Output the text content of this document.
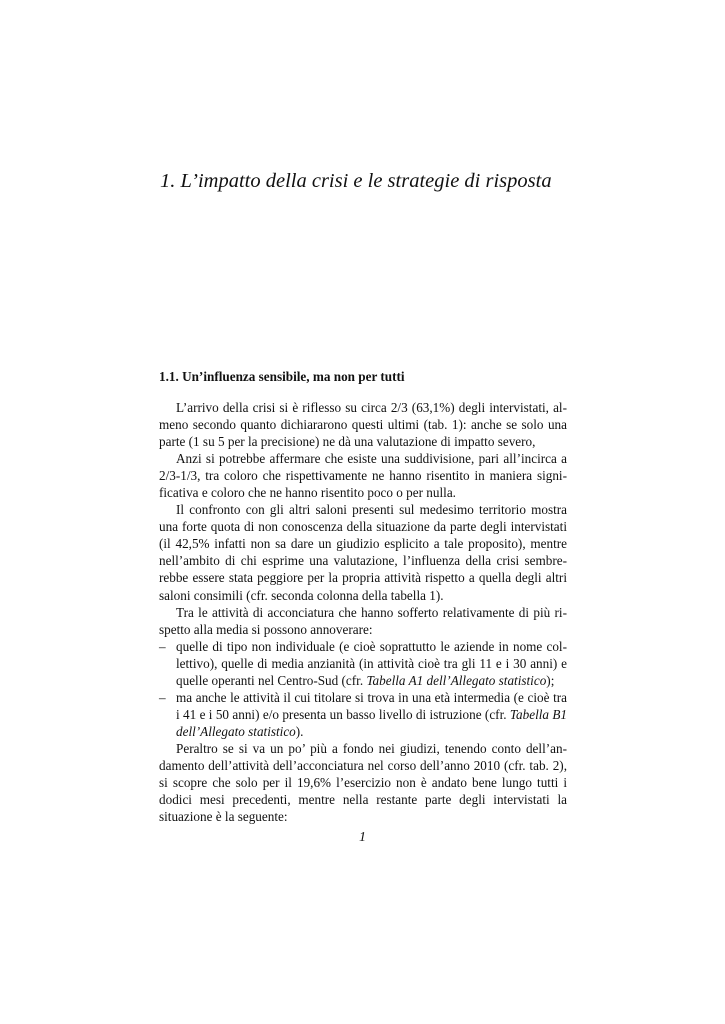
1. L’impatto della crisi e le strategie di risposta
1.1. Un’influenza sensibile, ma non per tutti

L’arrivo della crisi si è riflesso su circa 2/3 (63,1%) degli intervistati, almeno secondo quanto dichiararono questi ultimi (tab. 1): anche se solo una parte (1 su 5 per la precisione) ne dà una valutazione di impatto severo,

Anzi si potrebbe affermare che esiste una suddivisione, pari all’incirca a 2/3-1/3, tra coloro che rispettivamente ne hanno risentito in maniera significativa e coloro che ne hanno risentito poco o per nulla.

Il confronto con gli altri saloni presenti sul medesimo territorio mostra una forte quota di non conoscenza della situazione da parte degli intervistati (il 42,5% infatti non sa dare un giudizio esplicito a tale proposito), mentre nell’ambito di chi esprime una valutazione, l’influenza della crisi sembrerebbe essere stata peggiore per la propria attività rispetto a quella degli altri saloni consimili (cfr. seconda colonna della tabella 1).

Tra le attività di acconciatura che hanno sofferto relativamente di più rispetto alla media si possono annoverare:

– quelle di tipo non individuale (e cioè soprattutto le aziende in nome collettivo), quelle di media anzianità (in attività cioè tra gli 11 e i 30 anni) e quelle operanti nel Centro-Sud (cfr. Tabella A1 dell’Allegato statistico);
– ma anche le attività il cui titolare si trova in una età intermedia (e cioè tra i 41 e i 50 anni) e/o presenta un basso livello di istruzione (cfr. Tabella B1 dell’Allegato statistico).

Peraltro se si va un po’ più a fondo nei giudizi, tenendo conto dell’andamento dell’attività dell’acconciatura nel corso dell’anno 2010 (cfr. tab. 2), si scopre che solo per il 19,6% l’esercizio non è andato bene lungo tutti i dodici mesi precedenti, mentre nella restante parte degli intervistati la situazione è la seguente:

1
